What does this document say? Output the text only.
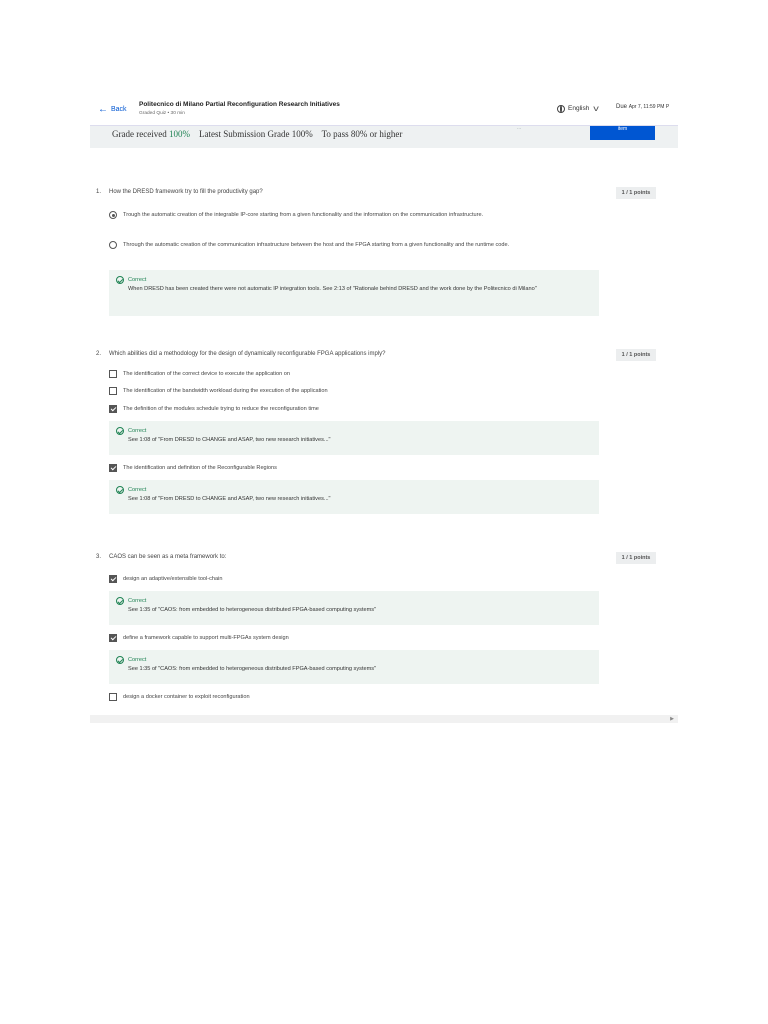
← Back
Politecnico di Milano Partial Reconfiguration Research Initiatives
Graded Quiz • 30 min
English v	Due Apr 7, 11:59 PM P
Grade received 100% Latest Submission Grade 100% To pass 80% or higher
...	item
1. How the DRESD framework try to fill the productivity gap?	1 / 1 points
Trough the automatic creation of the integrable IP-core starting from a given functionality and the information on the communication infrastructure.
Through the automatic creation of the communication infrastructure between the host and the FPGA starting from a given functionality and the runtime code.
Correct
When DRESD has been created there were not automatic IP integration tools. See 2:13 of "Rationale behind DRESD and the work done by the Politecnico di Milano"
2. Which abilities did a methodology for the design of dynamically reconfigurable FPGA applications imply?	1 / 1 points
The identification of the correct device to execute the application on
The identification of the bandwidth workload during the execution of the application
The definition of the modules schedule trying to reduce the reconfiguration time
Correct
See 1:08 of "From DRESD to CHANGE and ASAP, two new research initiatives..."
The identification and definition of the Reconfigurable Regions
Correct
See 1:08 of "From DRESD to CHANGE and ASAP, two new research initiatives..."
3. CAOS can be seen as a meta framework to:	1 / 1 points
design an adaptive/extensible tool-chain
Correct
See 1:35 of "CAOS: from embedded to heterogeneous distributed FPGA-based computing systems"
define a framework capable to support multi-FPGAs system design
Correct
See 1:35 of "CAOS: from embedded to heterogeneous distributed FPGA-based computing systems"
design a docker container to exploit reconfiguration
▶
